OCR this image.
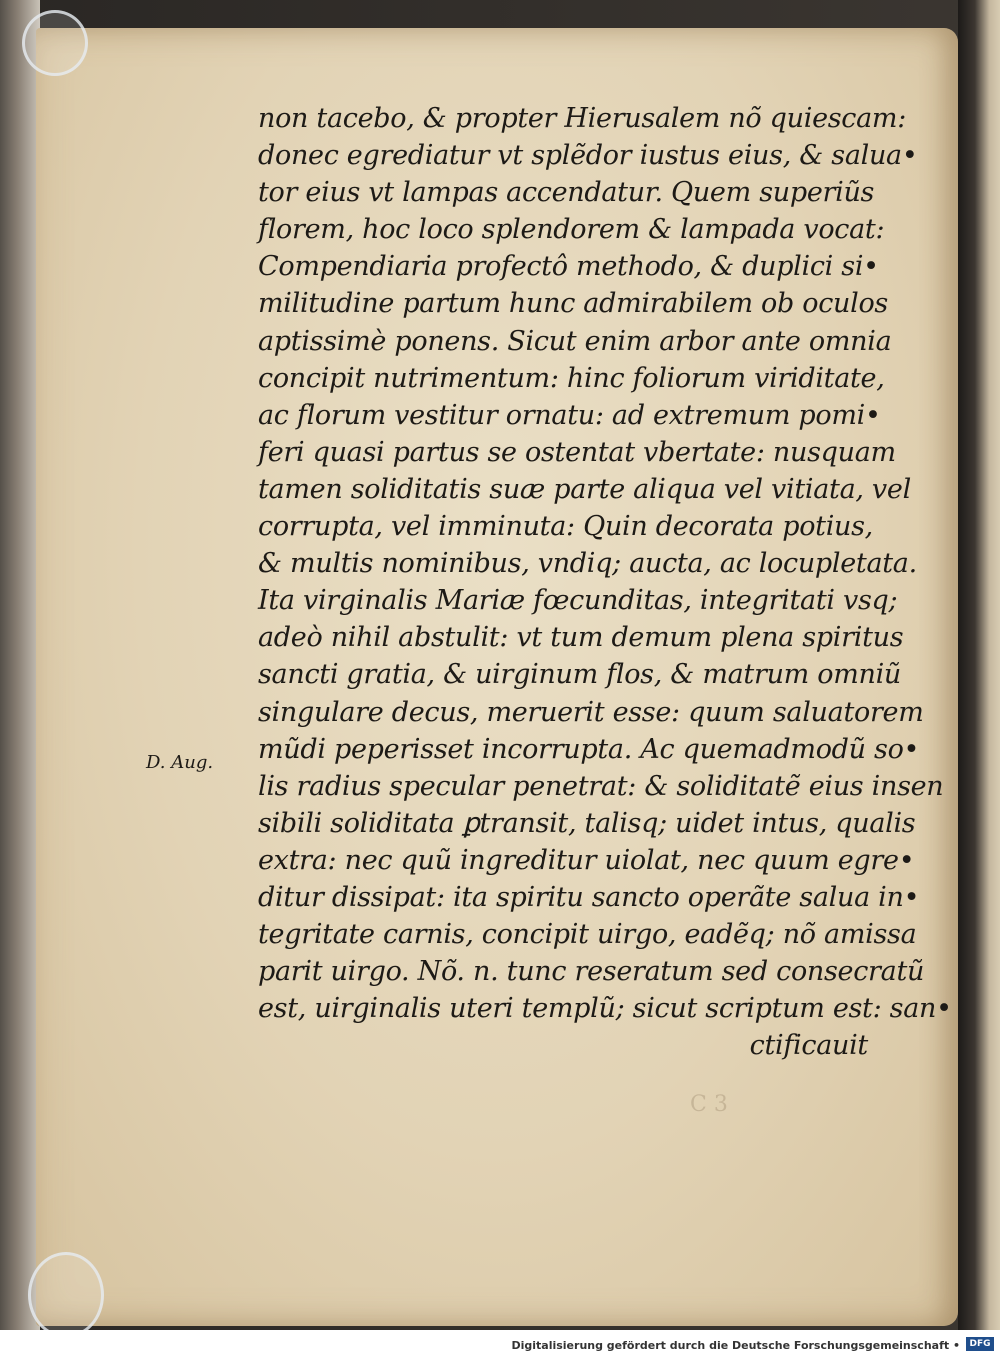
D. Aug.
non tacebo, & propter Hierusalem nõ quiescam:
donec egrediatur vt splẽdor iustus eius, & salua•
tor eius vt lampas accendatur. Quem superiũs
florem, hoc loco splendorem & lampada vocat:
Compendiaria profectô methodo, & duplici si•
militudine partum hunc admirabilem ob oculos
aptissimè ponens. Sicut enim arbor ante omnia
concipit nutrimentum: hinc foliorum viriditate,
ac florum vestitur ornatu: ad extremum pomi•
feri quasi partus se ostentat vbertate: nusquam
tamen soliditatis suæ parte aliqua vel vitiata, vel
corrupta, vel imminuta: Quin decorata potius,
& multis nominibus, vndiq; aucta, ac locupletata.
Ita virginalis Mariæ fœcunditas, integritati vsq;
adeò nihil abstulit: vt tum demum plena spiritus
sancti gratia, & uirginum flos, & matrum omniũ
singulare decus, meruerit esse: quum saluatorem
mũdi peperisset incorrupta. Ac quemadmodũ so•
lis radius specular penetrat: & soliditatẽ eius insen
sibili soliditata ꝑtransit, talisq; uidet intus, qualis
extra: nec quũ ingreditur uiolat, nec quum egre•
ditur dissipat: ita spiritu sancto operãte salua in•
tegritate carnis, concipit uirgo, eadẽq; nõ amissa
parit uirgo. Nõ. n. tunc reseratum sed consecratũ
est, uirginalis uteri templũ; sicut scriptum est: san•
ctificauit
C 3
Digitalisierung gefördert durch die Deutsche Forschungsgemeinschaft •	DFG
